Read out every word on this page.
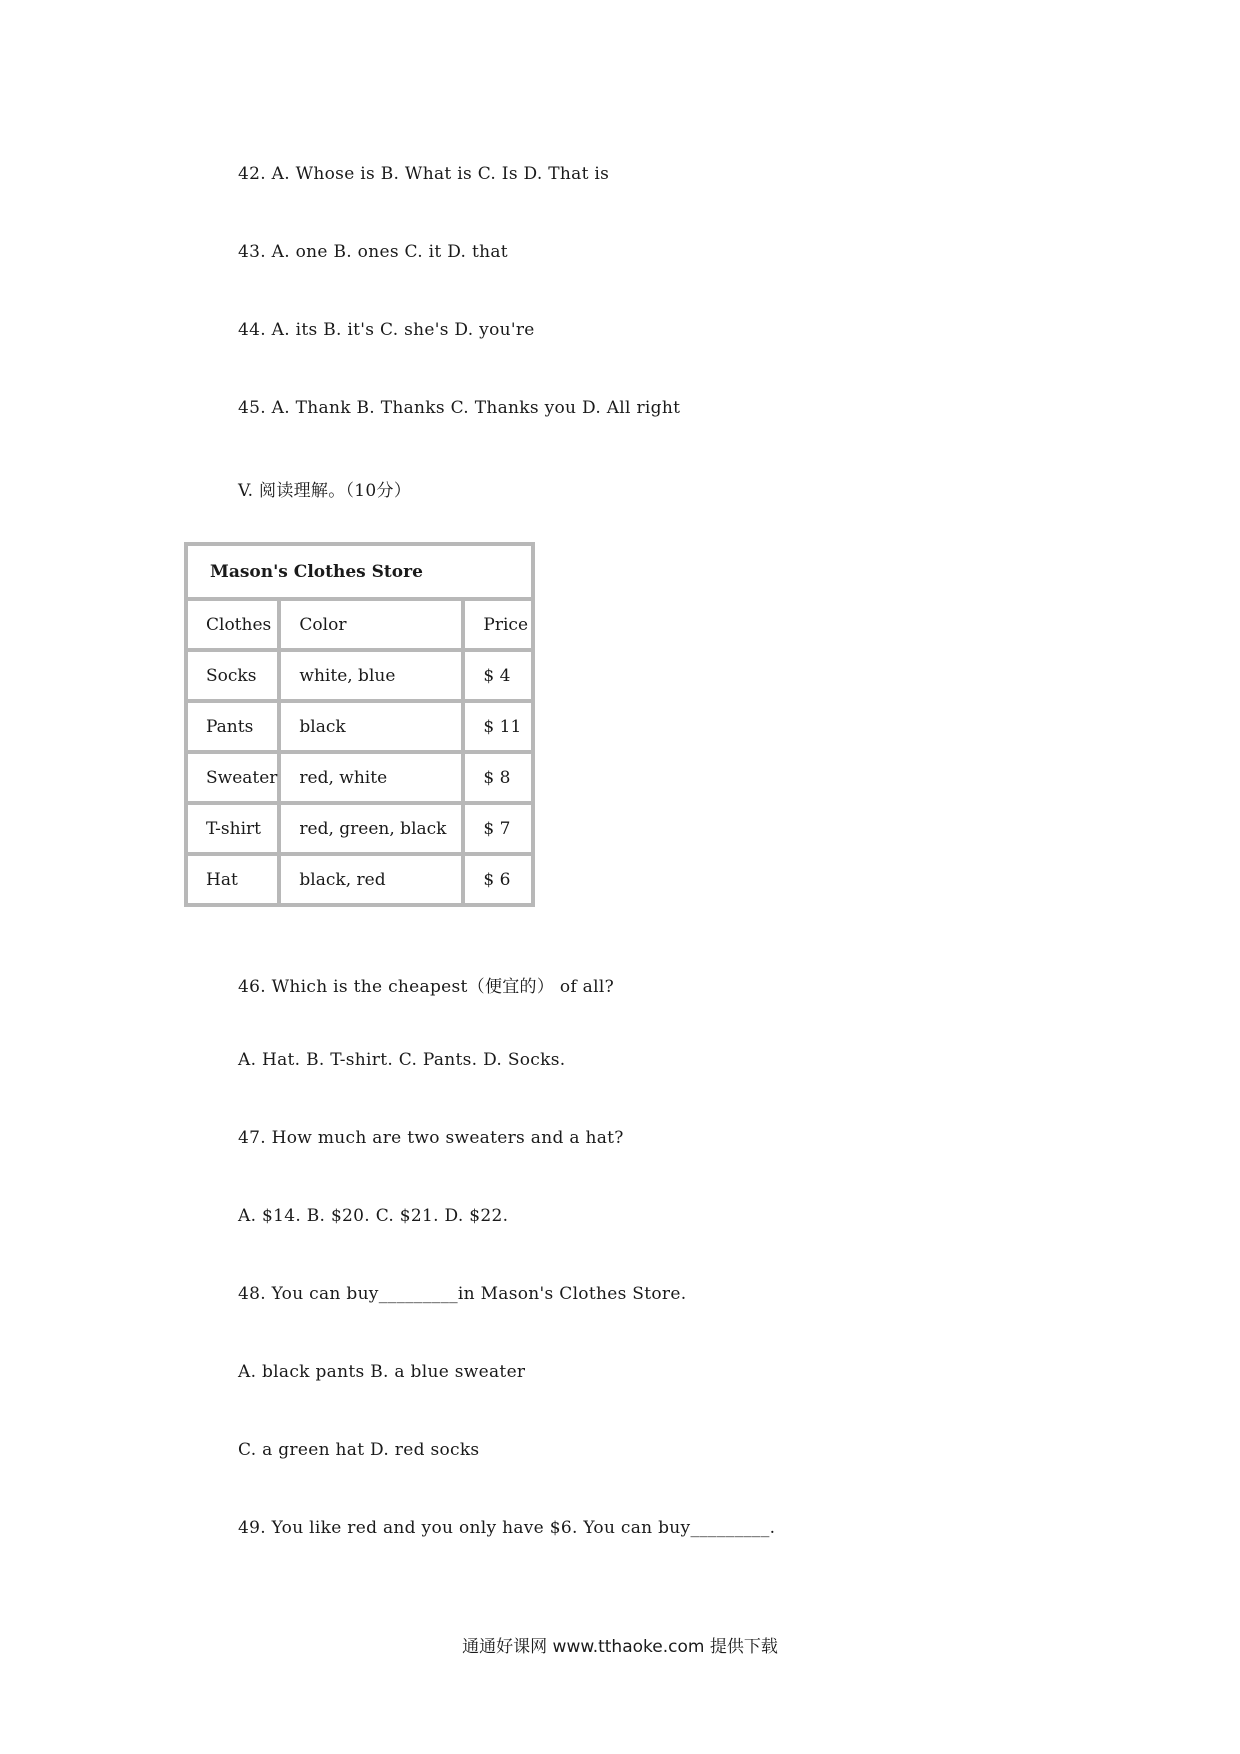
42. A. Whose is B. What is C. Is D. That is
43. A. one B. ones C. it D. that
44. A. its B. it's C. she's D. you're
45. A. Thank B. Thanks C. Thanks you D. All right
V. 阅读理解。（10分）
Mason's Clothes Store		
Clothes	Color	Price
Socks	white, blue	$ 4
Pants	black	$ 11
Sweater	red, white	$ 8
T-shirt	red, green, black	$ 7
Hat	black, red	$ 6
46. Which is the cheapest（便宜的） of all?
A. Hat. B. T-shirt. C. Pants. D. Socks.
47. How much are two sweaters and a hat?
A. $14. B. $20. C. $21. D. $22.
48. You can buy_________in Mason's Clothes Store.
A. black pants B. a blue sweater
C. a green hat D. red socks
49. You like red and you only have $6. You can buy_________.
通通好课网 www.tthaoke.com 提供下载
